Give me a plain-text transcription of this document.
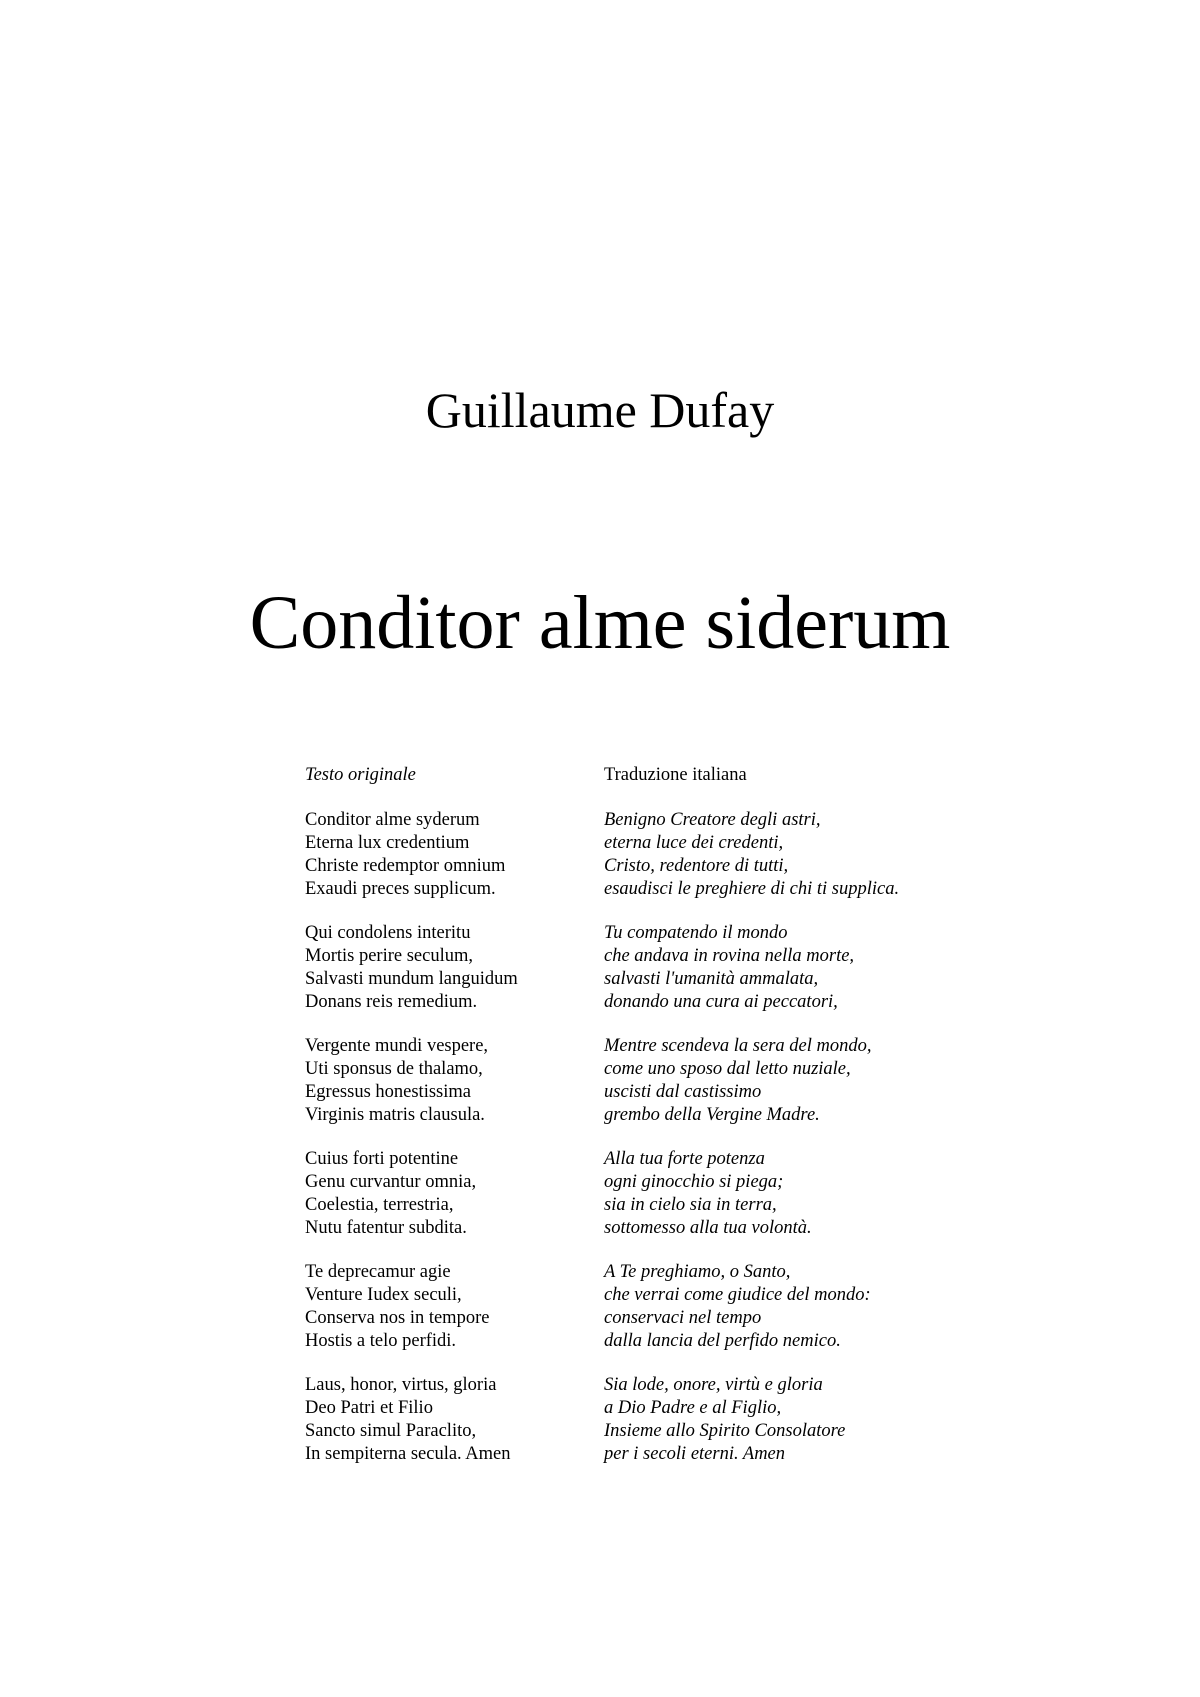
Guillaume Dufay
Conditor alme siderum
Testo originale
Conditor alme syderum
Eterna lux credentium
Christe redemptor omnium
Exaudi preces supplicum.
Qui condolens interitu
Mortis perire seculum,
Salvasti mundum languidum
Donans reis remedium.
Vergente mundi vespere,
Uti sponsus de thalamo,
Egressus honestissima
Virginis matris clausula.
Cuius forti potentine
Genu curvantur omnia,
Coelestia, terrestria,
Nutu fatentur subdita.
Te deprecamur agie
Venture Iudex seculi,
Conserva nos in tempore
Hostis a telo perfidi.
Laus, honor, virtus, gloria
Deo Patri et Filio
Sancto simul Paraclito,
In sempiterna secula. Amen
Traduzione italiana
Benigno Creatore degli astri,
eterna luce dei credenti,
Cristo, redentore di tutti,
esaudisci le preghiere di chi ti supplica.
Tu compatendo il mondo
che andava in rovina nella morte,
salvasti l'umanità ammalata,
donando una cura ai peccatori,
Mentre scendeva la sera del mondo,
come uno sposo dal letto nuziale,
uscisti dal castissimo
grembo della Vergine Madre.
Alla tua forte potenza
ogni ginocchio si piega;
sia in cielo sia in terra,
sottomesso alla tua volontà.
A Te preghiamo, o Santo,
che verrai come giudice del mondo:
conservaci nel tempo
dalla lancia del perfido nemico.
Sia lode, onore, virtù e gloria
a Dio Padre e al Figlio,
Insieme allo Spirito Consolatore
per i secoli eterni. Amen
